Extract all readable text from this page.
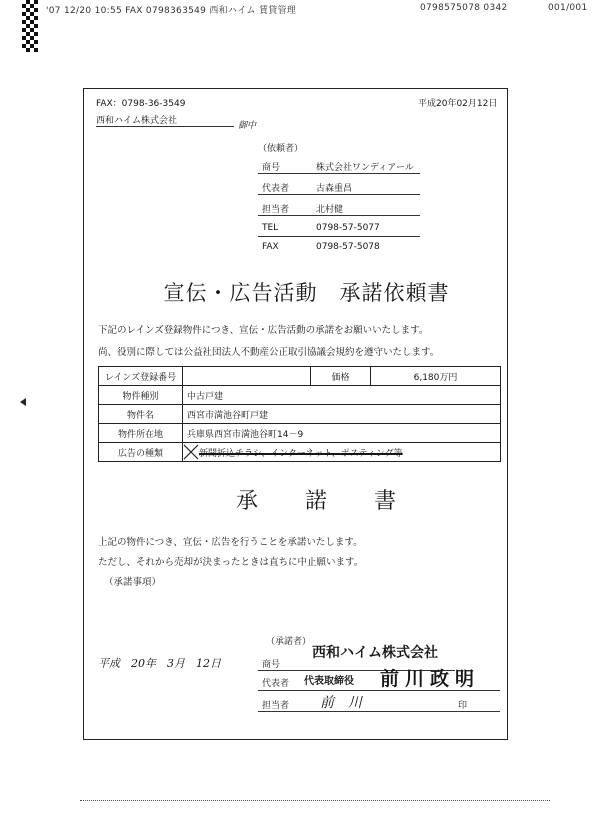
'07 12/20 10:55 FAX 0798363549 西和ハイム 賃貸管理	0798575078 0342	001/001
FAX：0798-36-3549	平成20年02月12日
西和ハイム株式会社	御中
（依頼者）
商号	株式会社ワンディアール
代表者	古森重昌
担当者	北村健
TEL	0798-57-5077
FAX	0798-57-5078
宣伝・広告活動　承諾依頼書
下記のレインズ登録物件につき、宣伝・広告活動の承諾をお願いいたします。
尚、役別に際しては公益社団法人不動産公正取引協議会規約を遵守いたします。
レインズ登録番号		価格	6,180万円
物件種別	中古戸建		
物件名	西宮市満池谷町戸建		
物件所在地	兵庫県西宮市満池谷町14－9		
広告の種類	新聞折込チラシ、インターネット、ポスティング等		
承　　諾　　書
上記の物件につき、宣伝・広告を行うことを承諾いたします。
ただし、それから売却が決まったときは直ちに中止願います。
（承諾事項）
（承諾者）
平成　20年　3月　12日	商号
西和ハイム株式会社
代表者 代表取締役 前川政明
担当者 前川	印
